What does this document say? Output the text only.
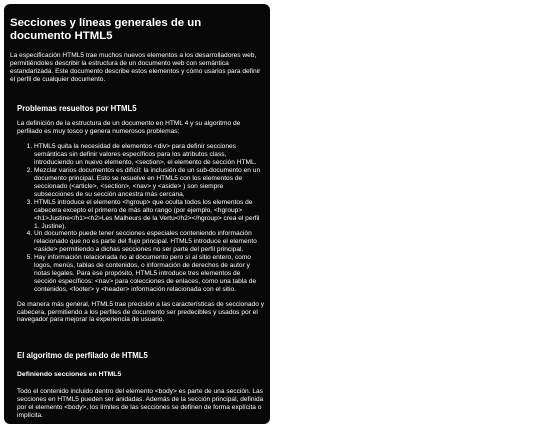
Secciones y líneas generales de un documento HTML5

La especificación HTML5 trae muchos nuevos elementos a los desarrolladores web, permitiéndoles describir la estructura de un documento web con semántica estandarizada. Este documento describe estos elementos y cómo usarlos para definir el perfil de cualquier documento.

Problemas resueltos por HTML5

La definición de la estructura de un documento en HTML 4 y su algoritmo de perfilado es muy tosco y genera numerosos problemas:

1. HTML5 quita la necesidad de elementos <div> para definir secciones semánticas sin definir valores específicos para los atributos class, introduciendo un nuevo elemento, <section>, el elemento de sección HTML.
2. Mezclar varios documentos es difícil: la inclusión de un sub-documento en un documento principal. Esto se resuelve en HTML5 con los elementos de seccionado (<article>, <section>, <nav> y <aside> ) son siempre subsecciones de su sección ancestra más cercana.
3. HTML5 introduce el elemento <hgroup> que oculta todos los elementos de cabecera excepto el primero de más alto rango (por ejemplo, <hgroup> <h1>Justine</h1><h2>Les Malheurs de la Vertu</h2></hgroup> crea el perfil 1. Justine).
4. Un documento puede tener secciones especiales conteniendo información relacionado que no es parte del flujo principal. HTML5 introduce el elemento <aside> permitiendo a dichas secciones no ser parte del perfil principal.
5. Hay información relacionada no al documento pero sí al sitio entero, como logos, menús, tablas de contenidos, o información de derechos de autor y notas legales. Para ese propósito, HTML5 introduce tres elementos de sección específicos: <nav> para colecciones de enlaces, como una tabla de contenidos, <footer> y <header> información relacionada con el sitio.

De manera más general, HTML5 trae precisión a las características de seccionado y cabecera, permitiendo a los perfiles de documento ser predecibles y usados por el navegador para mejorar la experiencia de usuario.

El algoritmo de perfilado de HTML5
Definiendo secciones en HTML5

Todo el contenido incluido dentro del elemento <body> es parte de una sección. Las secciones en HTML5 pueden ser anidadas. Además de la sección principal, definida por el elemento <body>, los límites de las secciones se definen de forma explícita o implícita.
